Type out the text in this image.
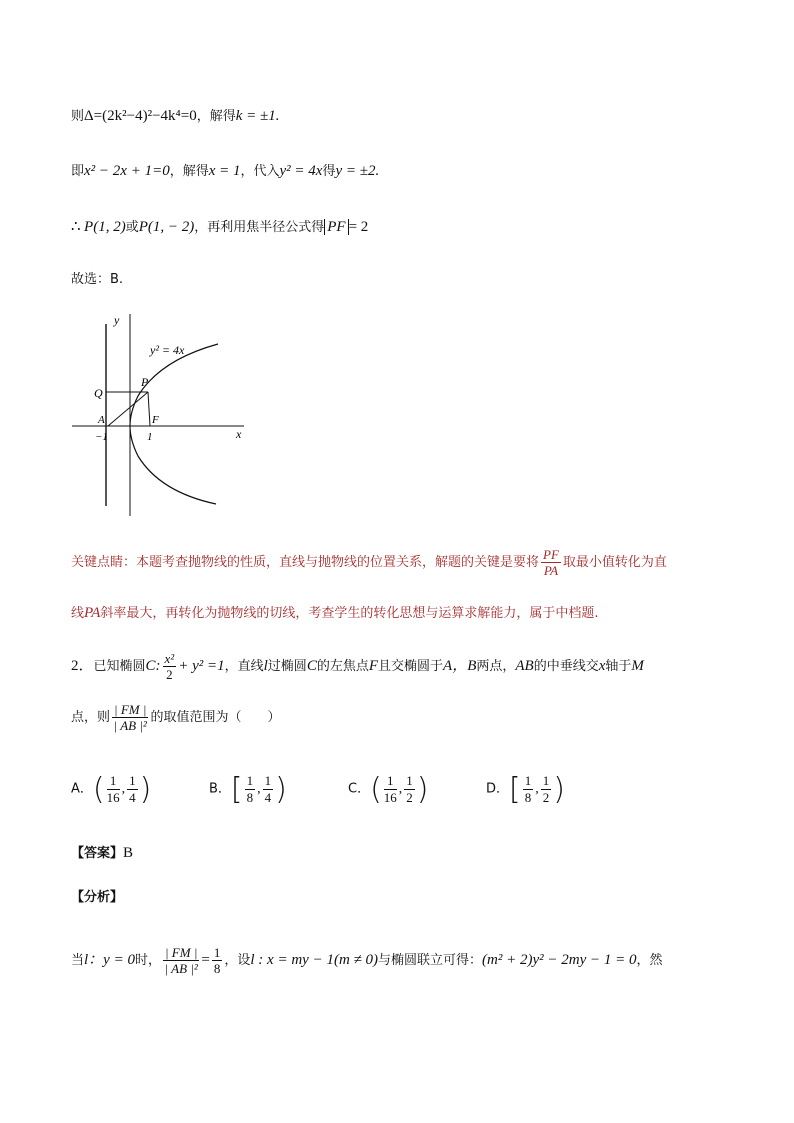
则Δ=(2k²−4)²−4k⁴=0，解得k = ±1.
即x² − 2x + 1=0，解得x = 1，代入y² = 4x得y = ±2.
∴ P(1, 2)或P(1, − 2)，再利用焦半径公式得 PF = 2
故选：B.
y
x
y² = 4x
P
Q
A	F
−1	1
关键点睛：本题考查抛物线的性质，直线与抛物线的位置关系，解题的关键是要将 $\frac{PF}{PA}$ 取最小值转化为直
线PA斜率最大，再转化为抛物线的切线，考查学生的转化思想与运算求解能力，属于中档题.
2．已知椭圆C: $\frac{\text{x²}}{2} + y^2 =1$，直线l过椭圆C的左焦点F且交椭圆于A，B两点，AB的中垂线交x轴于M
点，则 $\frac{| FM |}{\text{| AB |²}}$ 的取值范围为（　　）
A．( $\frac{1}{16}$ , $\frac{1}{4}$ )	B．[ $\frac{1}{8}$ , $\frac{1}{4}$ )	C．( $\frac{1}{16}$ , $\frac{1}{2}$ )	D．[ $\frac{1}{8}$ , $\frac{1}{2}$ )
【答案】B
【分析】
当l：y = 0时， $\frac{| FM |}{\text{| AB |²}} = \frac{1}{8}$ ，设l : x = my − 1(m ≠ 0)与椭圆联立可得：(m² + 2)y² − 2my − 1 = 0，然
